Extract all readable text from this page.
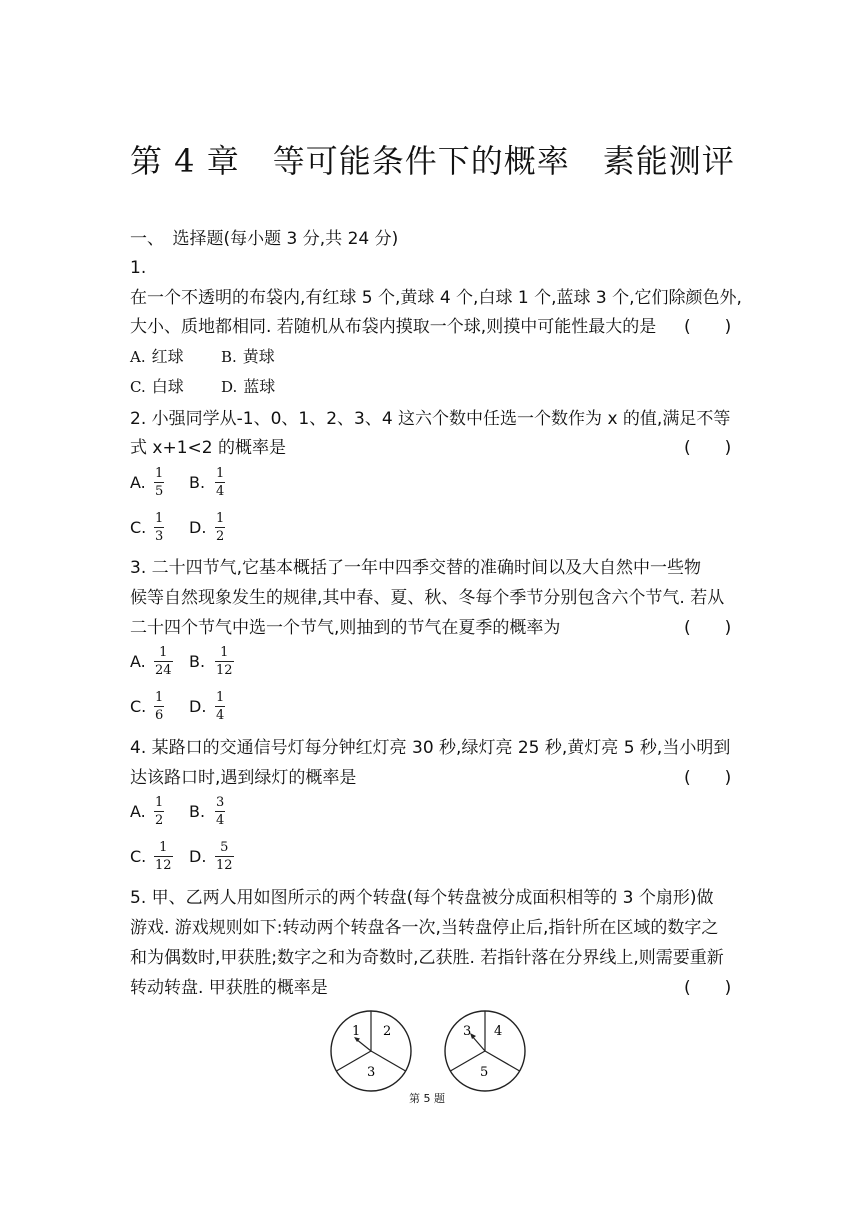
第 4 章　等可能条件下的概率　素能测评
一、　选择题(每小题 3 分,共 24 分)
1.
在一个不透明的布袋内,有红球 5 个,黄球 4 个,白球 1 个,蓝球 3 个,它们除颜色外,
大小、质地都相同. 若随机从布袋内摸取一个球,则摸中可能性最大的是 (　　)
A. 红球 B. 黄球
C. 白球 D. 蓝球
2. 小强同学从-1、0、1、2、3、4 这六个数中任选一个数作为 x 的值,满足不等
式 x+1<2 的概率是	(　　)
A. 1
5 B. 1
4
C. 1
3 D. 1
2
3. 二十四节气,它基本概括了一年中四季交替的准确时间以及大自然中一些物
候等自然现象发生的规律,其中春、夏、秋、冬每个季节分别包含六个节气. 若从
二十四个节气中选一个节气,则抽到的节气在夏季的概率为	(　　)
A. 1
24 B. 1
12
C. 1
6 D. 1
4
4. 某路口的交通信号灯每分钟红灯亮 30 秒,绿灯亮 25 秒,黄灯亮 5 秒,当小明到
达该路口时,遇到绿灯的概率是	(　　)
A. 1
2 B. 3
4
C. 1
12 D. 5
12
5. 甲、乙两人用如图所示的两个转盘(每个转盘被分成面积相等的 3 个扇形)做
游戏. 游戏规则如下:转动两个转盘各一次,当转盘停止后,指针所在区域的数字之
和为偶数时,甲获胜;数字之和为奇数时,乙获胜. 若指针落在分界线上,则需要重新
转动转盘. 甲获胜的概率是	(　　)
1 2
3
3 4
5
第 5 题
